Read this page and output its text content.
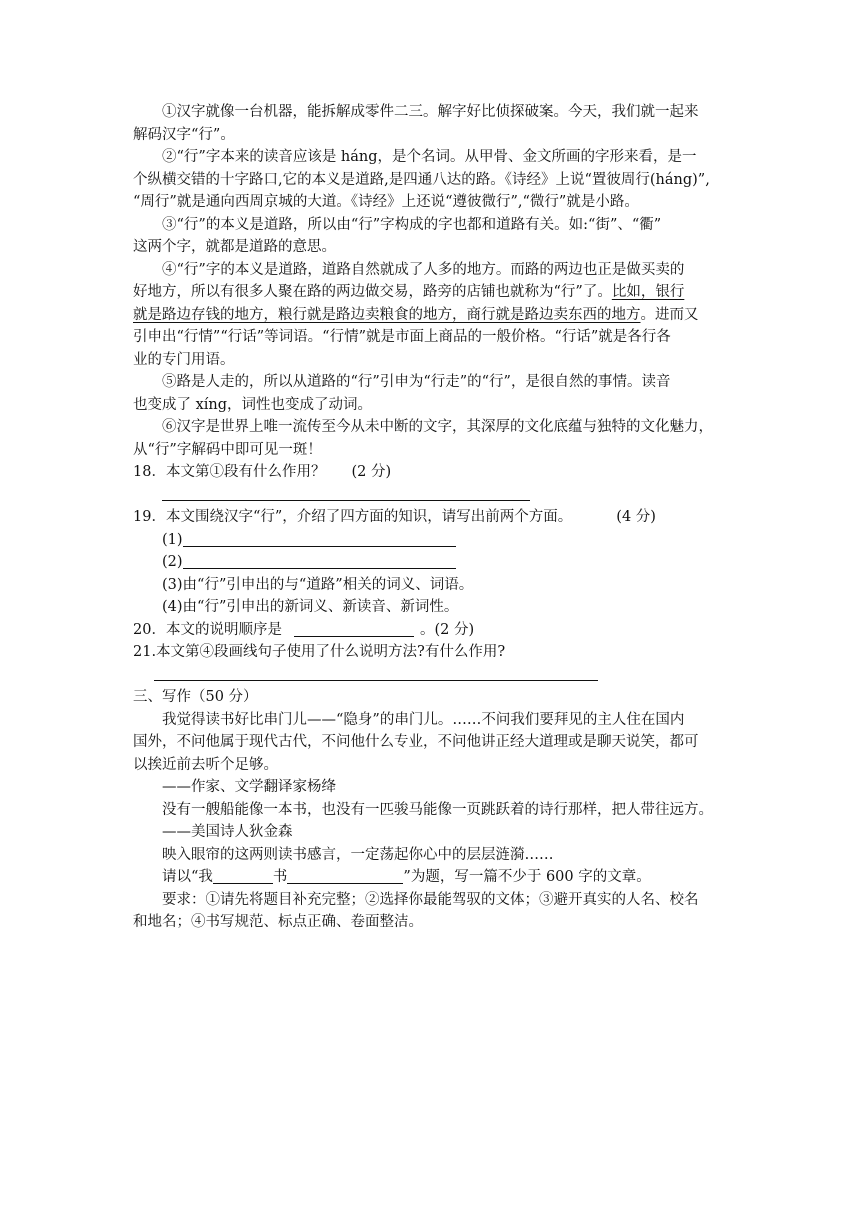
①汉字就像一台机器，能拆解成零件二三。解字好比侦探破案。今天，我们就一起来
解码汉字“行”。
②“行”字本来的读音应该是 háng，是个名词。从甲骨、金文所画的字形来看，是一
个纵横交错的十字路口,它的本义是道路,是四通八达的路。《诗经》上说“置彼周行(háng)”,
“周行”就是通向西周京城的大道。《诗经》上还说“遵彼微行”,“微行”就是小路。
③“行”的本义是道路，所以由“行”字构成的字也都和道路有关。如:“街”、“衢”
这两个字，就都是道路的意思。
④“行”字的本义是道路，道路自然就成了人多的地方。而路的两边也正是做买卖的
好地方，所以有很多人聚在路的两边做交易，路旁的店铺也就称为“行”了。比如，银行
就是路边存钱的地方，粮行就是路边卖粮食的地方，商行就是路边卖东西的地方。进而又
引申出“行情”“行话”等词语。“行情”就是市面上商品的一般价格。“行话”就是各行各
业的专门用语。
⑤路是人走的，所以从道路的“行”引申为“行走”的“行”，是很自然的事情。读音
也变成了 xíng，词性也变成了动词。
⑥汉字是世界上唯一流传至今从未中断的文字，其深厚的文化底蕴与独特的文化魅力，
从“行”字解码中即可见一斑！
18．本文第①段有什么作用？ (2 分)
19．本文围绕汉字“行”，介绍了四方面的知识，请写出前两个方面。	(4 分)
(1)
(2)
(3)由“行”引申出的与“道路”相关的词义、词语。
(4)由“行”引申出的新词义、新读音、新词性。
20．本文的说明顺序是	。(2 分)
21.本文第④段画线句子使用了什么说明方法?有什么作用?
三、写作（50 分）
我觉得读书好比串门儿——“隐身”的串门儿。……不问我们要拜见的主人住在国内
国外，不问他属于现代古代，不问他什么专业，不问他讲正经大道理或是聊天说笑，都可
以挨近前去听个足够。
——作家、文学翻译家杨绛
没有一艘船能像一本书，也没有一匹骏马能像一页跳跃着的诗行那样，把人带往远方。
——美国诗人狄金森
映入眼帘的这两则读书感言，一定荡起你心中的层层涟漪……
请以“我	书	”为题，写一篇不少于 600 字的文章。
要求：①请先将题目补充完整；②选择你最能驾驭的文体；③避开真实的人名、校名
和地名；④书写规范、标点正确、卷面整洁。
